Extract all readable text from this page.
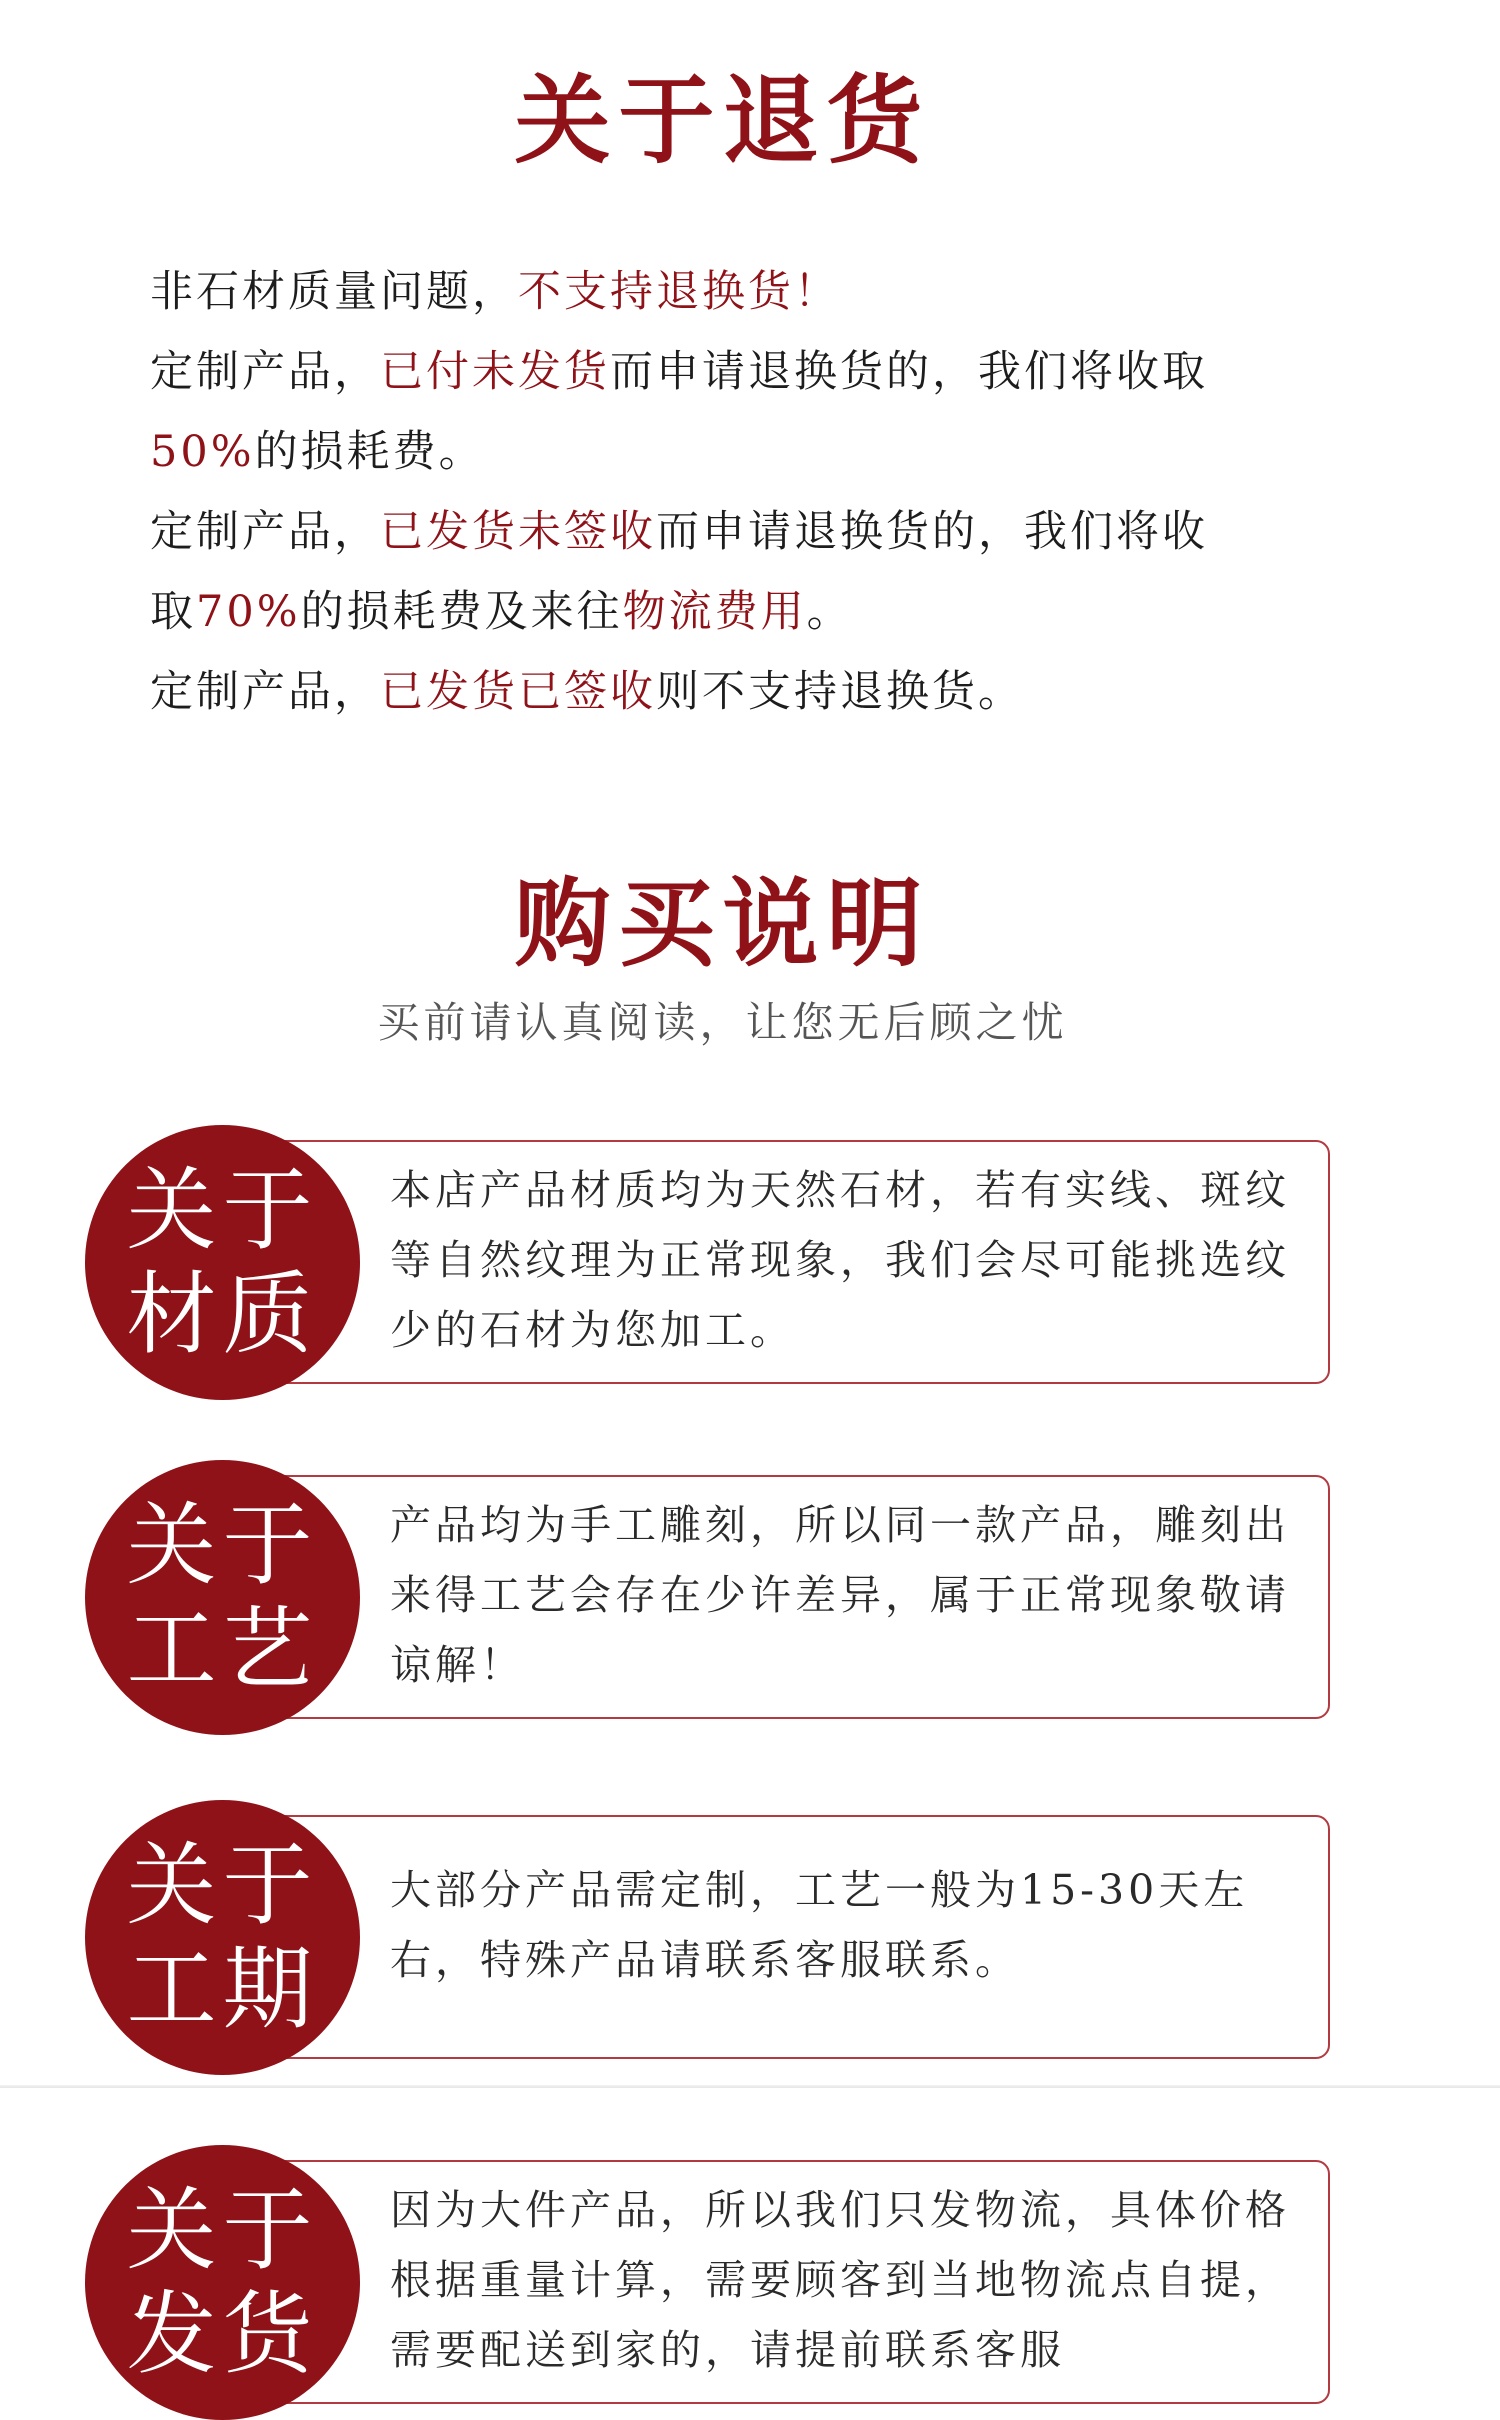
关于退货

非石材质量问题，不支持退换货！

定制产品，已付未发货而申请退换货的，我们将收取

50%的损耗费。

定制产品，已发货未签收而申请退换货的，我们将收

取70%的损耗费及来往物流费用。

定制产品，已发货已签收则不支持退换货。

购买说明
买前请认真阅读，让您无后顾之忧
关于
材质
本店产品材质均为天然石材，若有实线、斑纹等自然纹理为正常现象，我们会尽可能挑选纹少的石材为您加工。
关于
工艺
产品均为手工雕刻，所以同一款产品，雕刻出来得工艺会存在少许差异，属于正常现象敬请谅解！
关于
工期
大部分产品需定制，工艺一般为15-30天左右，特殊产品请联系客服联系。
关于
发货
因为大件产品，所以我们只发物流，具体价格根据重量计算，需要顾客到当地物流点自提，需要配送到家的，请提前联系客服
